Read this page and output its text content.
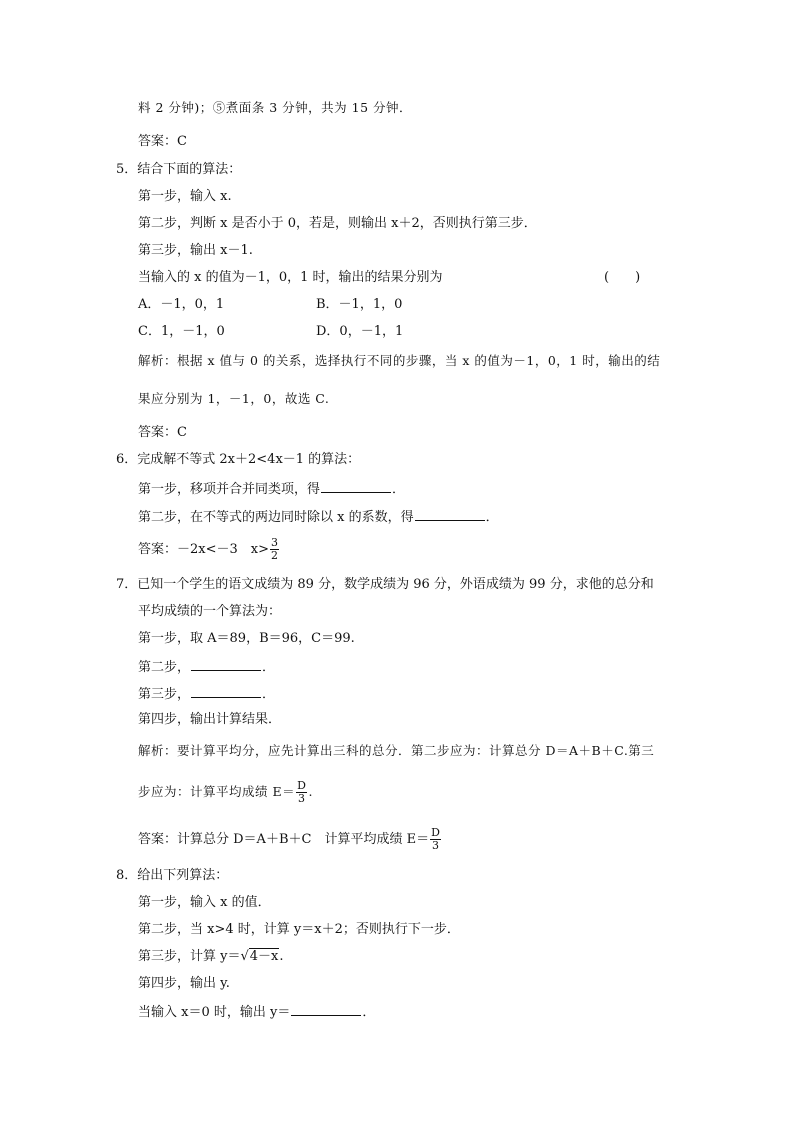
料 2 分钟)；⑤煮面条 3 分钟，共为 15 分钟．
答案：C
5．结合下面的算法：
第一步，输入 x.
第二步，判断 x 是否小于 0，若是，则输出 x＋2，否则执行第三步．
第三步，输出 x－1.
当输入的 x 的值为－1，0，1 时，输出的结果分别为	(　　)
A．－1，0，1	B．－1，1，0
C．1，－1，0	D．0，－1，1
解析：根据 x 值与 0 的关系，选择执行不同的步骤，当 x 的值为－1，0，1 时，输出的结
果应分别为 1，－1，0，故选 C.
答案：C
6．完成解不等式 2x＋2<4x－1 的算法：
第一步，移项并合并同类项，得	．
第二步，在不等式的两边同时除以 x 的系数，得	．
答案：－2x<－3　$x> \frac{3}{2}$
7．已知一个学生的语文成绩为 89 分，数学成绩为 96 分，外语成绩为 99 分，求他的总分和
平均成绩的一个算法为：
第一步，取 A＝89，B＝96，C＝99.
第二步，	．
第三步，	．
第四步，输出计算结果．
解析：要计算平均分，应先计算出三科的总分．第二步应为：计算总分 D＝A＋B＋C.第三
步应为：计算平均成绩 $E= \frac{D}{3}$ .
答案：计算总分 D＝A＋B＋C　计算平均成绩 $E= \frac{D}{3}$
8．给出下列算法：
第一步，输入 x 的值．
第二步，当 x>4 时，计算 y＝x＋2；否则执行下一步．
第三步，计算 y＝√4－x.
第四步，输出 y.
当输入 x＝0 时，输出 y＝	．
